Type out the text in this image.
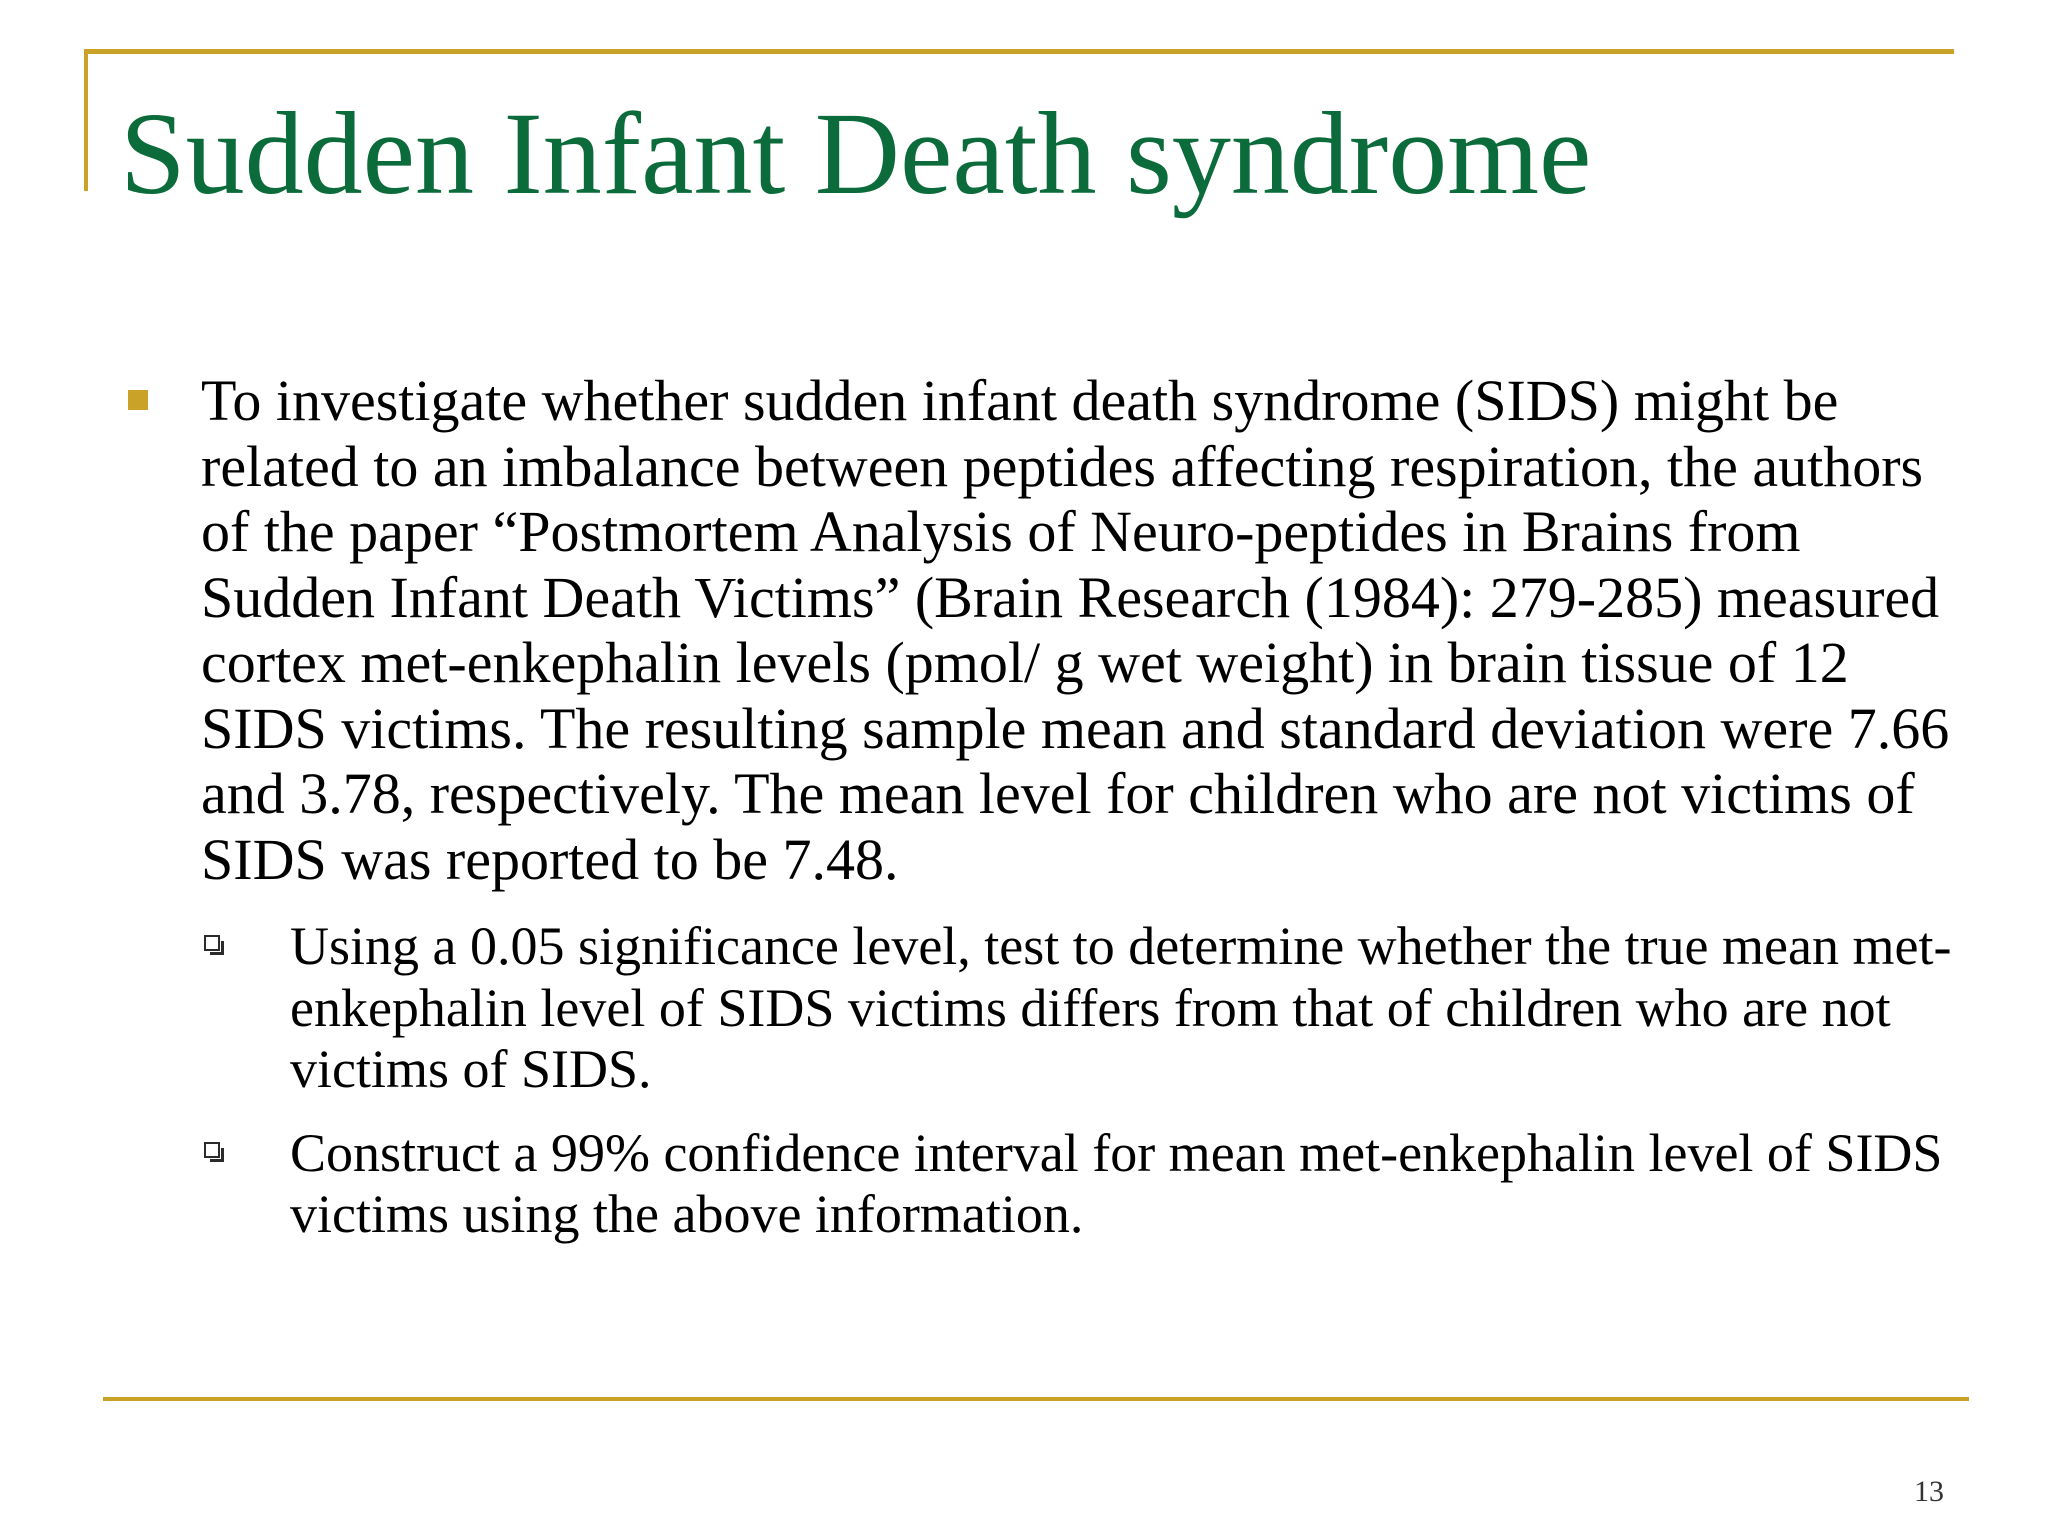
Sudden Infant Death syndrome

To investigate whether sudden infant death syndrome (SIDS) might be related to an imbalance between peptides affecting respiration, the authors of the paper “Postmortem Analysis of Neuro-peptides in Brains from Sudden Infant Death Victims” (Brain Research (1984): 279-285) measured cortex met-enkephalin levels (pmol/ g wet weight) in brain tissue of 12 SIDS victims. The resulting sample mean and standard deviation were 7.66 and 3.78, respectively. The mean level for children who are not victims of SIDS was reported to be 7.48.

Using a 0.05 significance level, test to determine whether the true mean met-enkephalin level of SIDS victims differs from that of children who are not victims of SIDS.

Construct a 99% confidence interval for mean met-enkephalin level of SIDS victims using the above information.

13
